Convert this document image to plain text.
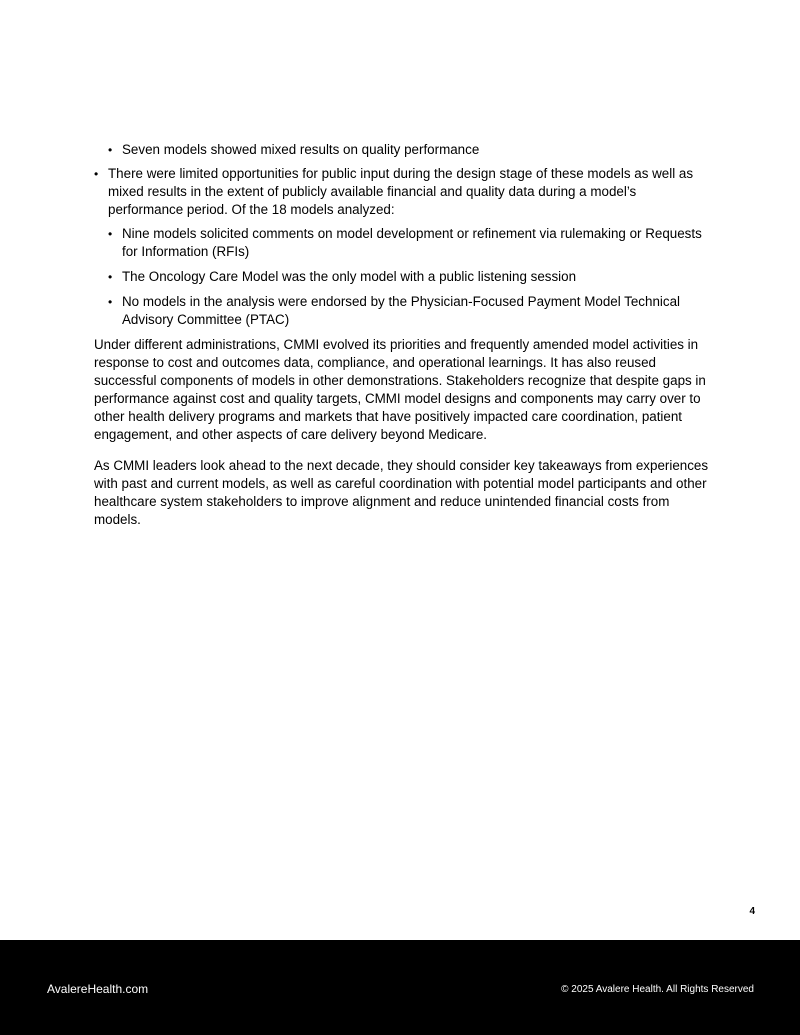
• Seven models showed mixed results on quality performance
• There were limited opportunities for public input during the design stage of these models as well as mixed results in the extent of publicly available financial and quality data during a model’s performance period. Of the 18 models analyzed:
• Nine models solicited comments on model development or refinement via rulemaking or Requests for Information (RFIs)
• The Oncology Care Model was the only model with a public listening session
• No models in the analysis were endorsed by the Physician-Focused Payment Model Technical Advisory Committee (PTAC)

Under different administrations, CMMI evolved its priorities and frequently amended model activities in response to cost and outcomes data, compliance, and operational learnings. It has also reused successful components of models in other demonstrations. Stakeholders recognize that despite gaps in performance against cost and quality targets, CMMI model designs and components may carry over to other health delivery programs and markets that have positively impacted care coordination, patient engagement, and other aspects of care delivery beyond Medicare.

As CMMI leaders look ahead to the next decade, they should consider key takeaways from experiences with past and current models, as well as careful coordination with potential model participants and other healthcare system stakeholders to improve alignment and reduce unintended financial costs from models.

4
AvalereHealth.com	© 2025 Avalere Health. All Rights Reserved
